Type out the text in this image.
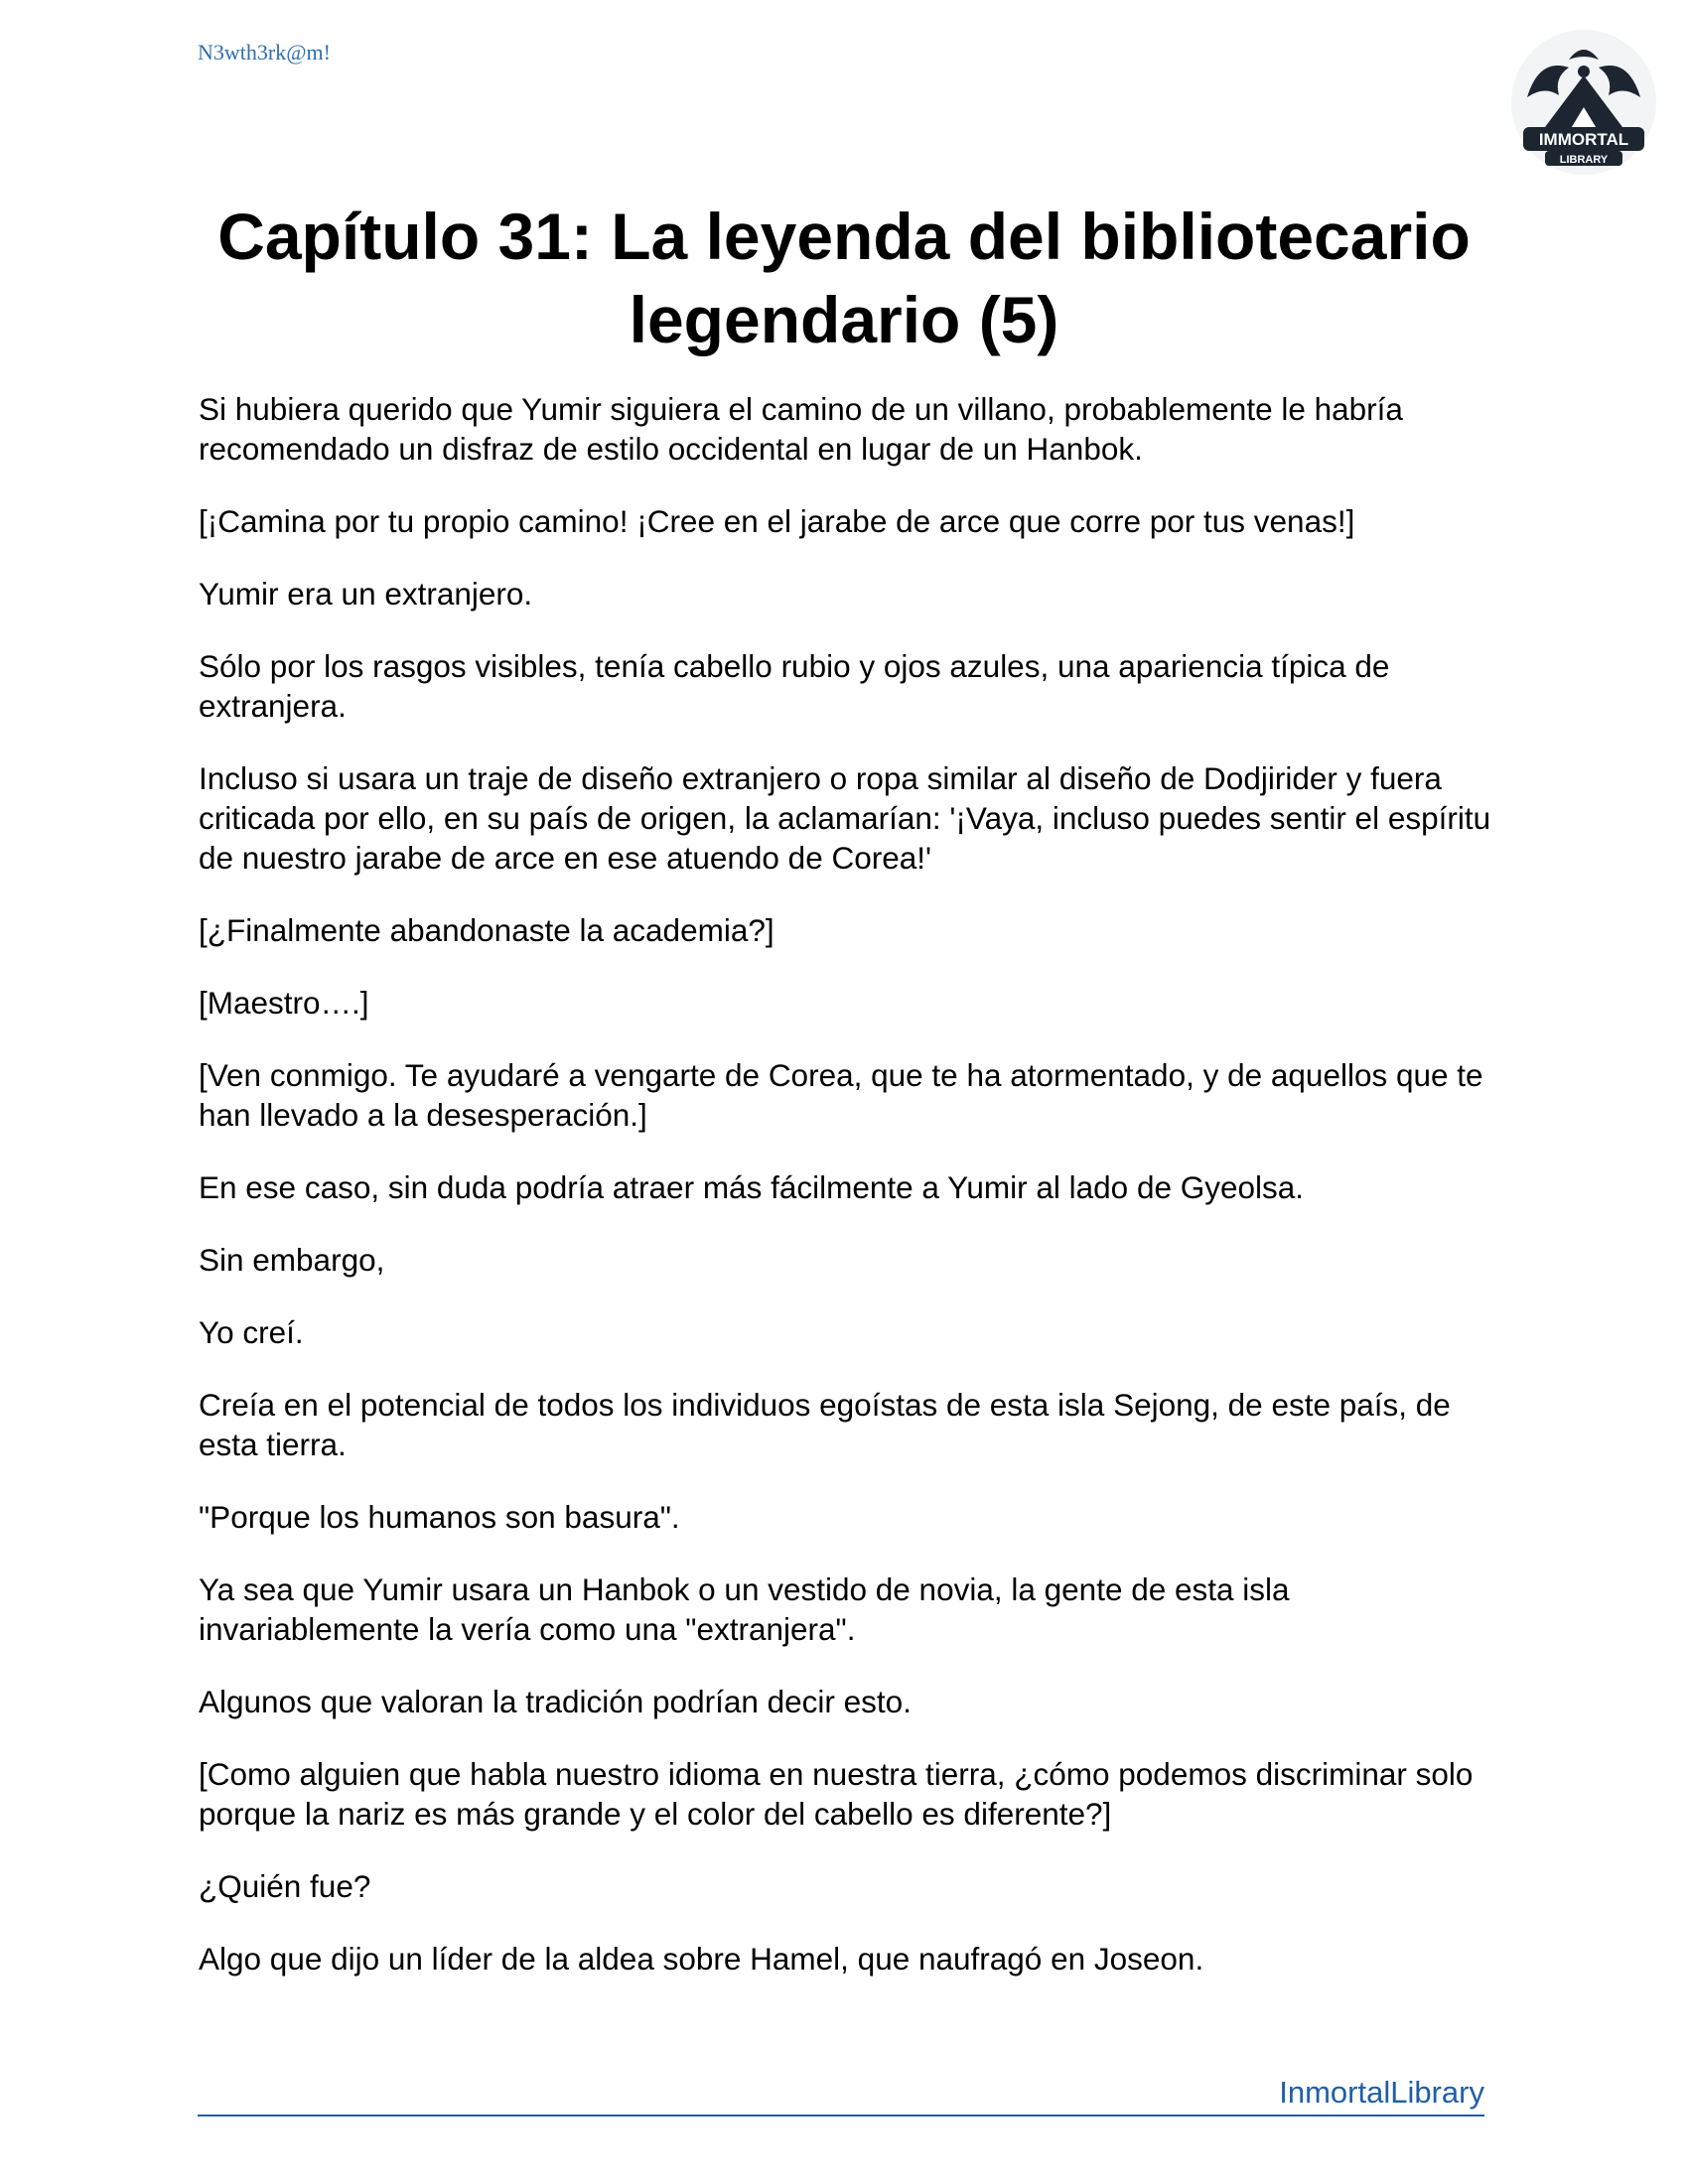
N3wth3rk@m!
IMMORTAL
LIBRARY
Capítulo 31: La leyenda del bibliotecario legendario (5)

Si hubiera querido que Yumir siguiera el camino de un villano, probablemente le habría recomendado un disfraz de estilo occidental en lugar de un Hanbok.

[¡Camina por tu propio camino! ¡Cree en el jarabe de arce que corre por tus venas!]

Yumir era un extranjero.

Sólo por los rasgos visibles, tenía cabello rubio y ojos azules, una apariencia típica de extranjera.

Incluso si usara un traje de diseño extranjero o ropa similar al diseño de Dodjirider y fuera criticada por ello, en su país de origen, la aclamarían: '¡Vaya, incluso puedes sentir el espíritu de nuestro jarabe de arce en ese atuendo de Corea!'

[¿Finalmente abandonaste la academia?]

[Maestro….]

[Ven conmigo. Te ayudaré a vengarte de Corea, que te ha atormentado, y de aquellos que te han llevado a la desesperación.]

En ese caso, sin duda podría atraer más fácilmente a Yumir al lado de Gyeolsa.

Sin embargo,

Yo creí.

Creía en el potencial de todos los individuos egoístas de esta isla Sejong, de este país, de esta tierra.

"Porque los humanos son basura".

Ya sea que Yumir usara un Hanbok o un vestido de novia, la gente de esta isla invariablemente la vería como una "extranjera".

Algunos que valoran la tradición podrían decir esto.

[Como alguien que habla nuestro idioma en nuestra tierra, ¿cómo podemos discriminar solo porque la nariz es más grande y el color del cabello es diferente?]

¿Quién fue?

Algo que dijo un líder de la aldea sobre Hamel, que naufragó en Joseon.

InmortalLibrary
